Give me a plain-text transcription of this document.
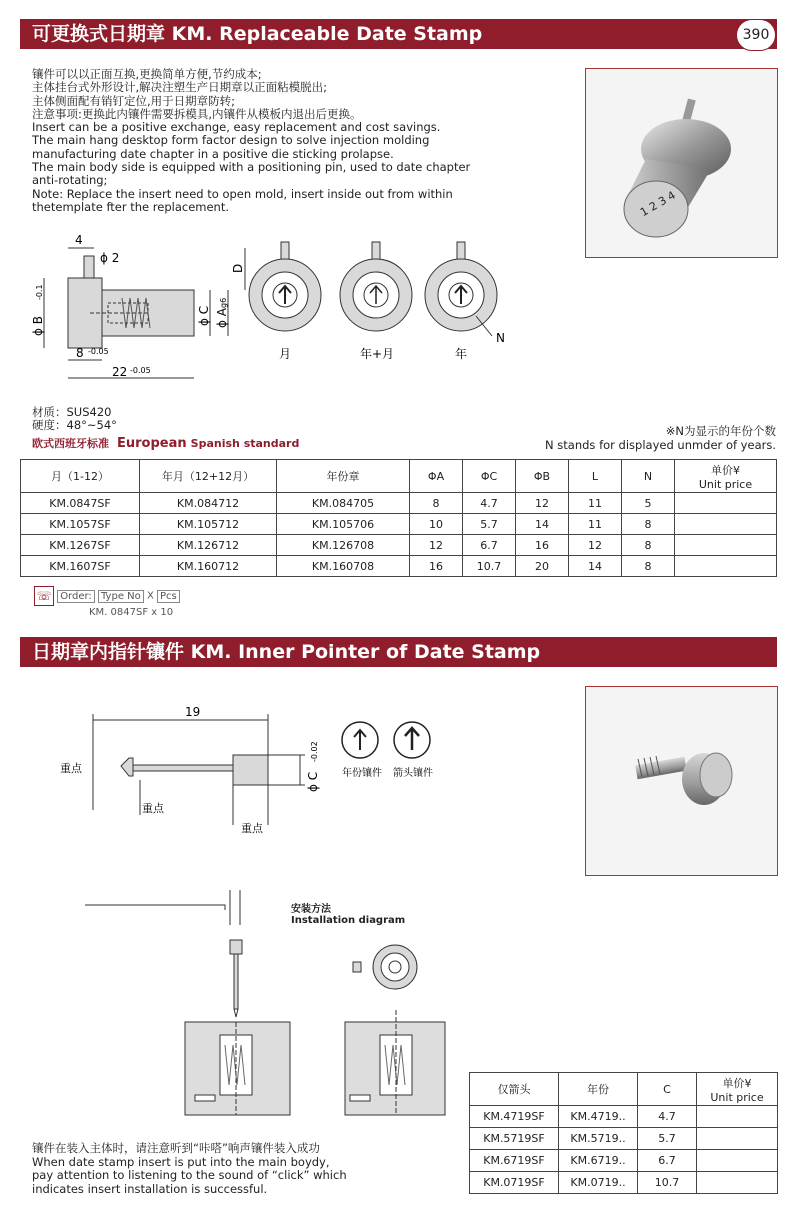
可更换式日期章 KM. Replaceable Date Stamp	390
镶件可以以正面互换,更换简单方便,节约成本;
主体挂台式外形设计,解决注塑生产日期章以正面粘模脱出;
主体侧面配有销钉定位,用于日期章防转;
注意事项:更换此内镶件需要拆模具,内镶件从模板内退出后更换。
Insert can be a positive exchange, easy replacement and cost savings.
The main hang desktop form factor design to solve injection molding
manufacturing date chapter in a positive die sticking prolapse.
The main body side is equipped with a positioning pin, used to date chapter
anti-rotating;
Note: Replace the insert need to open mold, insert inside out from within
thetemplate fter the replacement.	1 2 3 4
4
ϕ 2
ϕ B
-0.1
ϕ C ϕ A
g6
D
8 -0.05
22 -0.05
N
月	年+月	年
材质：SUS420
硬度：48°~54°
欧式西班牙标准 European Spanish standard
※N为显示的年份个数
N stands for displayed unmder of years.
月（1-12）	年月（12+12月）	年份章	ΦA	ΦC	ΦB	L	N	单价¥
Unit price

KM.0847SF	KM.084712	KM.084705	8	4.7	12	11	5	
KM.1057SF	KM.105712	KM.105706	10	5.7	14	11	8	
KM.1267SF	KM.126712	KM.126708	12	6.7	16	12	8	
KM.1607SF	KM.160712	KM.160708	16	10.7	20	14	8	
☏ Order: Type No X Pcs
KM. 0847SF x 10
日期章内指针镶件 KM. Inner Pointer of Date Stamp
19
ϕ C
-0.02
重点
重点
重点
年份镶件 箭头镶件
安装方法
Installation diagram
镶件在装入主体时，请注意听到“咔嗒”响声镶件装入成功
When date stamp insert is put into the main boydy,
pay attention to listening to the sound of “click” which
indicates insert installation is successful.
仅箭头	年份	C	单价¥
Unit price

KM.4719SF	KM.4719..	4.7	
KM.5719SF	KM.5719..	5.7	
KM.6719SF	KM.6719..	6.7	
KM.0719SF	KM.0719..	10.7	
